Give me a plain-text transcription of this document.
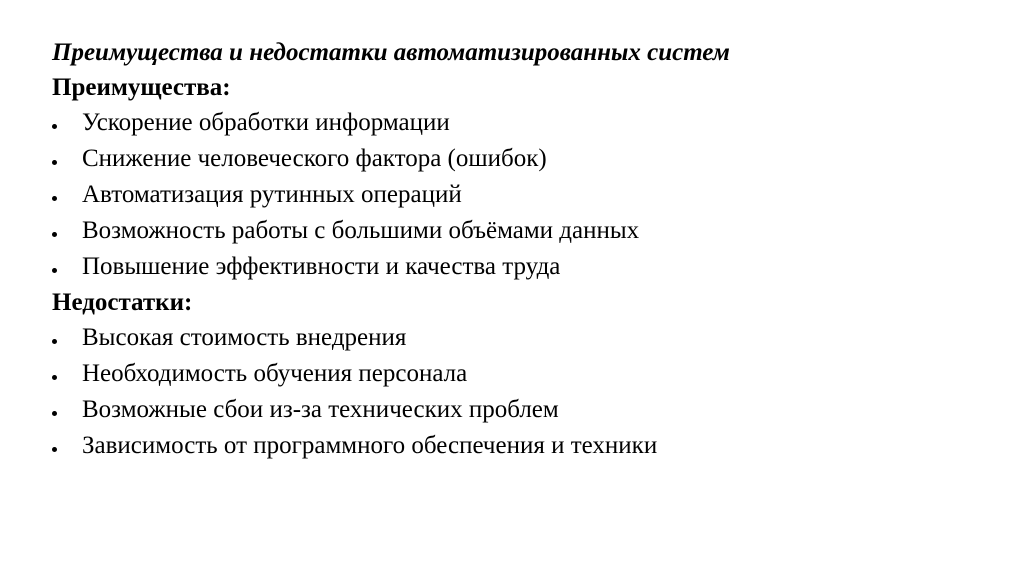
Преимущества и недостатки автоматизированных систем
Преимущества:
Ускорение обработки информации
Снижение человеческого фактора (ошибок)
Автоматизация рутинных операций
Возможность работы с большими объёмами данных
Повышение эффективности и качества труда
Недостатки:
Высокая стоимость внедрения
Необходимость обучения персонала
Возможные сбои из-за технических проблем
Зависимость от программного обеспечения и техники
